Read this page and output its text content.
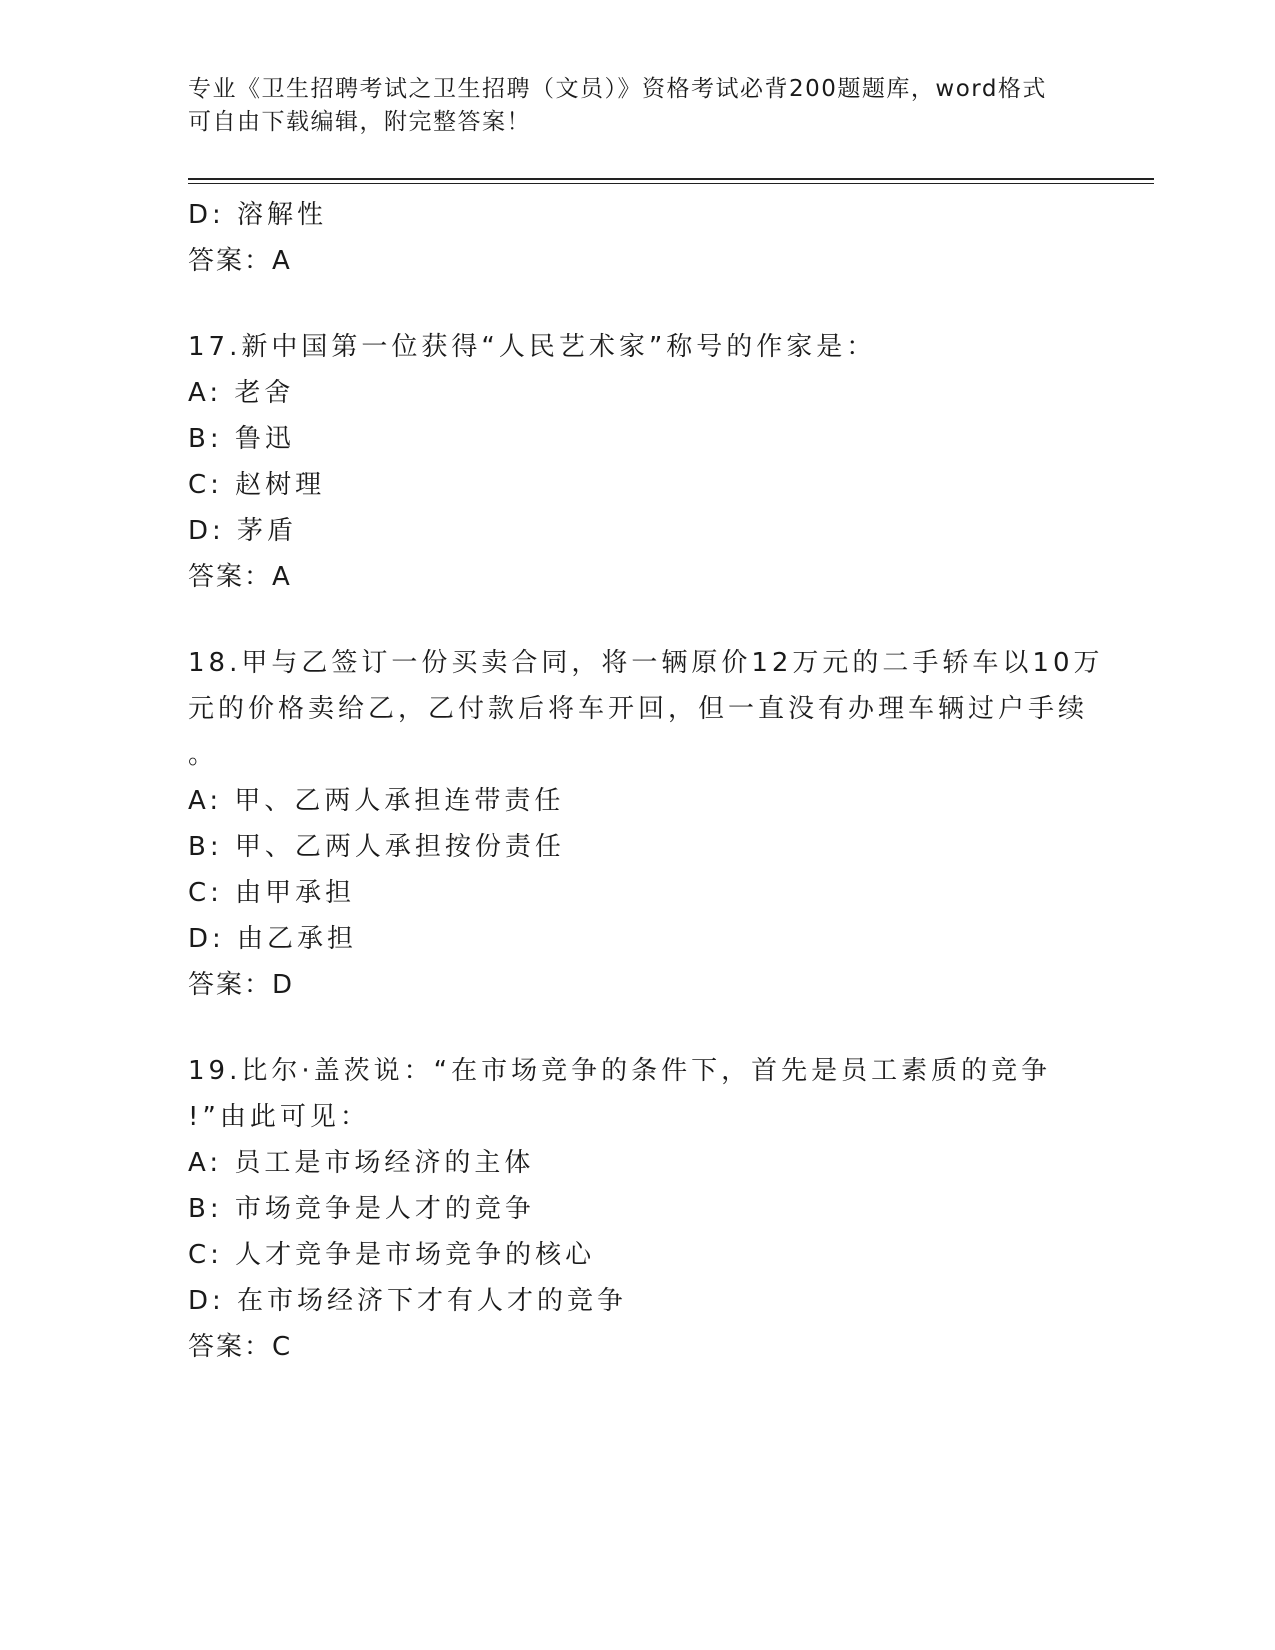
专业《卫生招聘考试之卫生招聘（文员）》资格考试必背200题题库，word格式
可自由下载编辑，附完整答案！
D: 溶解性
答案：A
17.新中国第一位获得“人民艺术家”称号的作家是：
A: 老舍
B: 鲁迅
C: 赵树理
D: 茅盾
答案：A
18.甲与乙签订一份买卖合同，将一辆原价12万元的二手轿车以10万
元的价格卖给乙，乙付款后将车开回，但一直没有办理车辆过户手续
。
A: 甲、乙两人承担连带责任
B: 甲、乙两人承担按份责任
C: 由甲承担
D: 由乙承担
答案：D
19.比尔·盖茨说：“在市场竞争的条件下，首先是员工素质的竞争
!”由此可见：
A: 员工是市场经济的主体
B: 市场竞争是人才的竞争
C: 人才竞争是市场竞争的核心
D: 在市场经济下才有人才的竞争
答案：C
